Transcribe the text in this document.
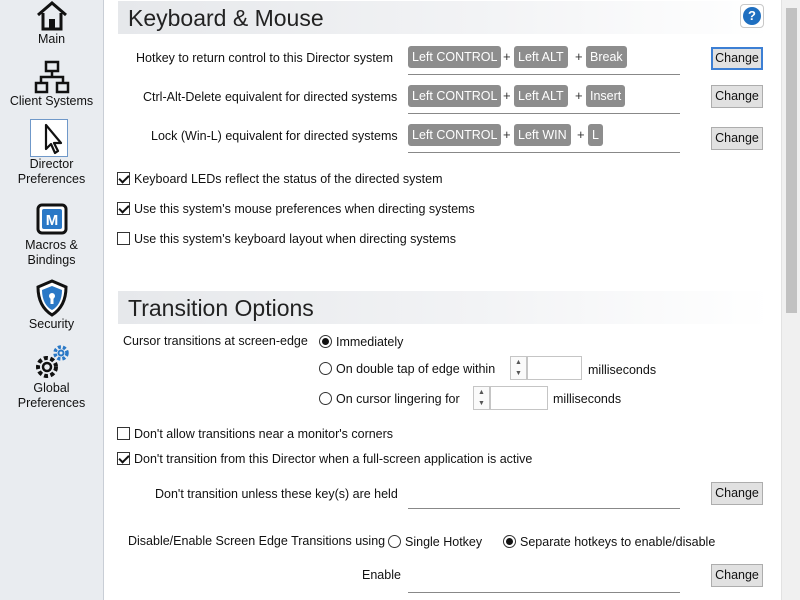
Main
Client Systems
Director
Preferences
M
Macros &
Bindings
Security
Global
Preferences
Keyboard & Mouse	?
Hotkey to return control to this Director system	Left CONTROL + Left ALT + Break	Change
Ctrl-Alt-Delete equivalent for directed systems	Left CONTROL + Left ALT + Insert	Change
Lock (Win-L) equivalent for directed systems	Left CONTROL + Left WIN + L	Change
Keyboard LEDs reflect the status of the directed system
Use this system's mouse preferences when directing systems
Use this system's keyboard layout when directing systems
Transition Options
Cursor transitions at screen-edge Immediately
On double tap of edge within	▲
▼	milliseconds
On cursor lingering for	▲
▼	milliseconds
Don't allow transitions near a monitor's corners
Don't transition from this Director when a full-screen application is active
Don't transition unless these key(s) are held	Change
Disable/Enable Screen Edge Transitions using Single Hotkey	Separate hotkeys to enable/disable
Enable	Change
